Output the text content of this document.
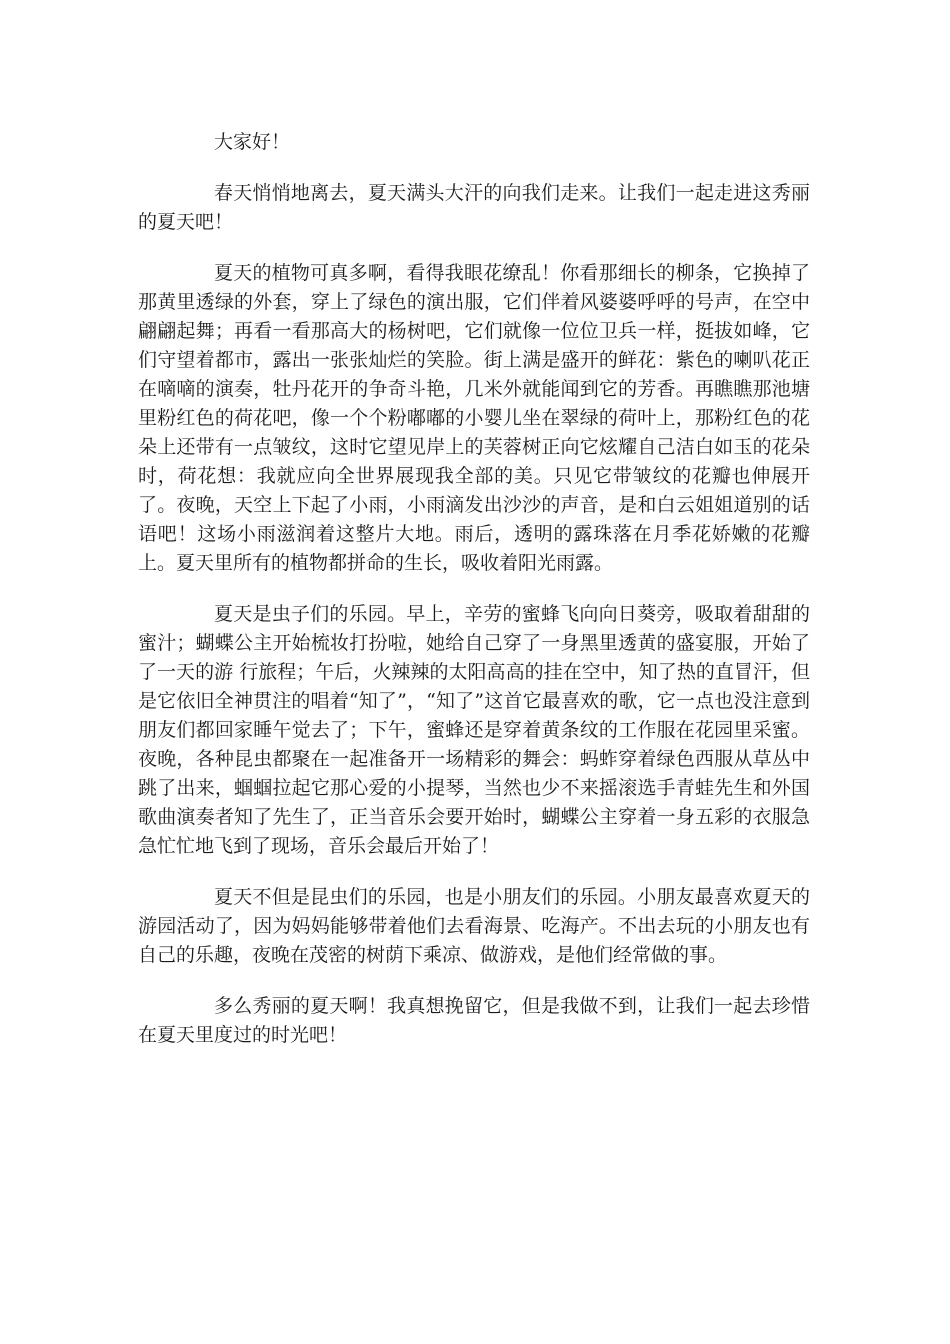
大家好！

春天悄悄地离去，夏天满头大汗的向我们走来。让我们一起走进这秀丽的夏天吧！

夏天的植物可真多啊，看得我眼花缭乱！你看那细长的柳条，它换掉了那黄里透绿的外套，穿上了绿色的演出服，它们伴着风婆婆呼呼的号声，在空中翩翩起舞；再看一看那高大的杨树吧，它们就像一位位卫兵一样，挺拔如峰，它们守望着都市，露出一张张灿烂的笑脸。街上满是盛开的鲜花：紫色的喇叭花正在嘀嘀的演奏，牡丹花开的争奇斗艳，几米外就能闻到它的芳香。再瞧瞧那池塘里粉红色的荷花吧，像一个个粉嘟嘟的小婴儿坐在翠绿的荷叶上，那粉红色的花朵上还带有一点皱纹，这时它望见岸上的芙蓉树正向它炫耀自己洁白如玉的花朵时，荷花想：我就应向全世界展现我全部的美。只见它带皱纹的花瓣也伸展开了。夜晚，天空上下起了小雨，小雨滴发出沙沙的声音，是和白云姐姐道别的话语吧！这场小雨滋润着这整片大地。雨后，透明的露珠落在月季花娇嫩的花瓣上。夏天里所有的植物都拼命的生长，吸收着阳光雨露。

夏天是虫子们的乐园。早上，辛劳的蜜蜂飞向向日葵旁，吸取着甜甜的蜜汁；蝴蝶公主开始梳妆打扮啦，她给自己穿了一身黑里透黄的盛宴服，开始了了一天的游 行旅程；午后，火辣辣的太阳高高的挂在空中，知了热的直冒汗，但是它依旧全神贯注的唱着“知了”，“知了”这首它最喜欢的歌，它一点也没注意到朋友们都回家睡午觉去了；下午，蜜蜂还是穿着黄条纹的工作服在花园里采蜜。夜晚，各种昆虫都聚在一起准备开一场精彩的舞会：蚂蚱穿着绿色西服从草丛中跳了出来，蝈蝈拉起它那心爱的小提琴，当然也少不来摇滚选手青蛙先生和外国歌曲演奏者知了先生了，正当音乐会要开始时，蝴蝶公主穿着一身五彩的衣服急急忙忙地飞到了现场，音乐会最后开始了！

夏天不但是昆虫们的乐园，也是小朋友们的乐园。小朋友最喜欢夏天的游园活动了，因为妈妈能够带着他们去看海景、吃海产。不出去玩的小朋友也有自己的乐趣，夜晚在茂密的树荫下乘凉、做游戏，是他们经常做的事。

多么秀丽的夏天啊！我真想挽留它，但是我做不到，让我们一起去珍惜在夏天里度过的时光吧！
